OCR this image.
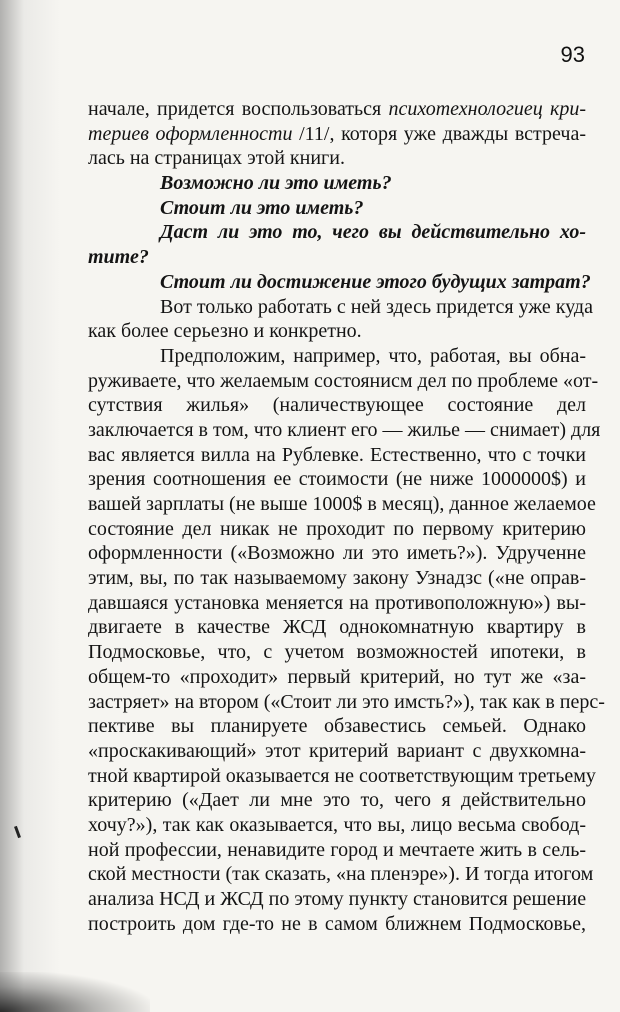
93
начале, придется воспользоваться психотехнологиец кри-
териев оформленности /11/, которя уже дважды встреча-
лась на страницах этой книги.
Возможно ли это иметь?
Стоит ли это иметь?
Даст ли это то, чего вы действительно хо-
тите?
Стоит ли достижение этого будущих затрат?
Вот только работать с ней здесь придется уже куда
как более серьезно и конкретно.
Предположим, например, что, работая, вы обна-
руживаете, что желаемым состоянисм дел по проблеме «от-
сутствия жилья» (наличествующее состояние дел
заключается в том, что клиент его — жилье — снимает) для
вас является вилла на Рублевке. Естественно, что с точки
зрения соотношения ее стоимости (не ниже 1000000$) и
вашей зарплаты (не выше 1000$ в месяц), данное желаемое
состояние дел никак не проходит по первому критерию
оформленности («Возможно ли это иметь?»). Удрученне
этим, вы, по так называемому закону Узнадзс («не оправ-
давшаяся установка меняется на противоположную») вы-
двигаете в качестве ЖСД однокомнатную квартиру в
Подмосковье, что, с учетом возможностей ипотеки, в
общем-то «проходит» первый критерий, но тут же «за-
застряет» на втором («Стоит ли это имсть?»), так как в перс-
пективе вы планируете обзавестись семьей. Однако
«проскакивающий» этот критерий вариант с двухкомна-
тной квартирой оказывается не соответствующим третьему
критерию («Дает ли мне это то, чего я действительно
хочу?»), так как оказывается, что вы, лицо весьма свобод-
ной профессии, ненавидите город и мечтаете жить в сель-
ской местности (так сказать, «на пленэре»). И тогда итогом
анализа НСД и ЖСД по этому пункту становится решение
построить дом где-то не в самом ближнем Подмосковье,
